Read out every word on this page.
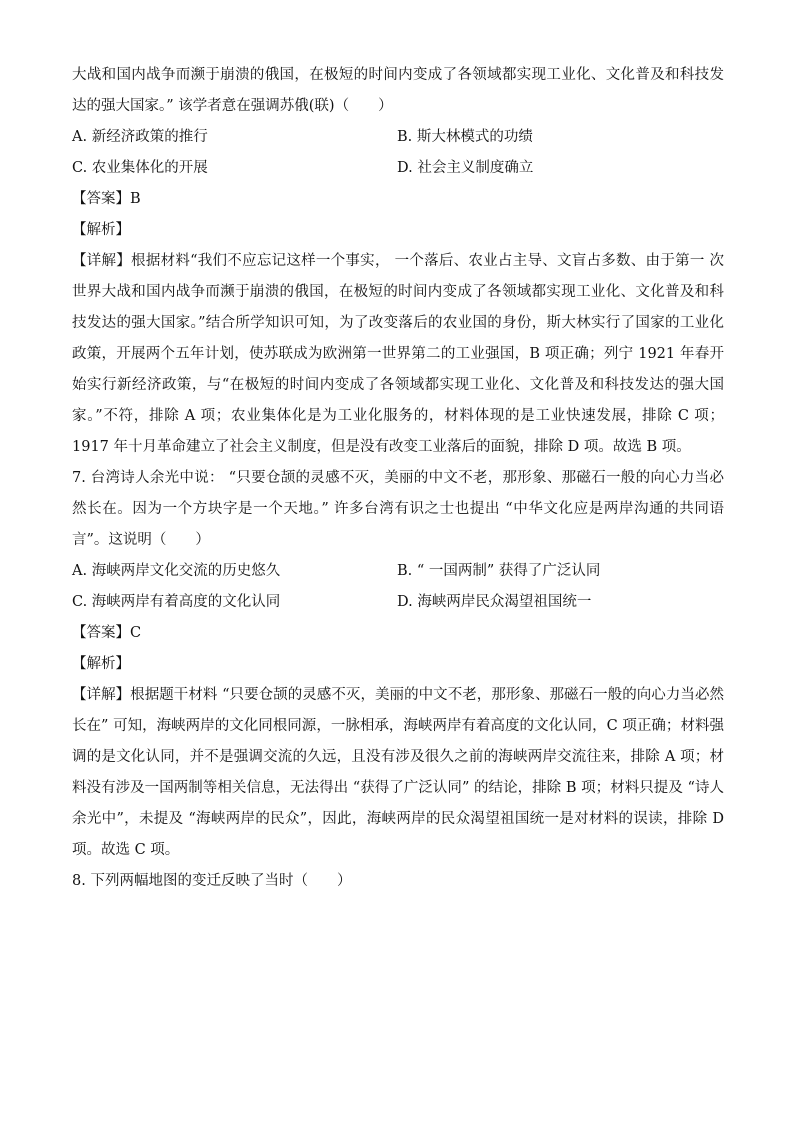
大战和国内战争而濒于崩溃的俄国，在极短的时间内变成了各领域都实现工业化、文化普及和科技发达的强大国家。” 该学者意在强调苏俄(联)（　　）

A. 新经济政策的推行	B. 斯大林模式的功绩
C. 农业集体化的开展	D. 社会主义制度确立

【答案】B

【解析】

【详解】根据材料“我们不应忘记这样一个事实， 一个落后、农业占主导、文盲占多数、由于第一 次世界大战和国内战争而濒于崩溃的俄国，在极短的时间内变成了各领域都实现工业化、文化普及和科技发达的强大国家。”结合所学知识可知，为了改变落后的农业国的身份，斯大林实行了国家的工业化政策，开展两个五年计划，使苏联成为欧洲第一世界第二的工业强国，B 项正确；列宁 1921 年春开始实行新经济政策，与“在极短的时间内变成了各领域都实现工业化、文化普及和科技发达的强大国家。”不符，排除 A 项；农业集体化是为工业化服务的，材料体现的是工业快速发展，排除 C 项；1917 年十月革命建立了社会主义制度，但是没有改变工业落后的面貌，排除 D 项。故选 B 项。

7. 台湾诗人余光中说： “只要仓颉的灵感不灭，美丽的中文不老，那形象、那磁石一般的向心力当必然长在。因为一个方块字是一个天地。” 许多台湾有识之士也提出 “中华文化应是两岸沟通的共同语言”。这说明（　　）

A. 海峡两岸文化交流的历史悠久	B. “ 一国两制” 获得了广泛认同
C. 海峡两岸有着高度的文化认同	D. 海峡两岸民众渴望祖国统一

【答案】C

【解析】

【详解】根据题干材料 “只要仓颉的灵感不灭，美丽的中文不老，那形象、那磁石一般的向心力当必然长在” 可知，海峡两岸的文化同根同源，一脉相承，海峡两岸有着高度的文化认同，C 项正确；材料强调的是文化认同，并不是强调交流的久远，且没有涉及很久之前的海峡两岸交流往来，排除 A 项；材料没有涉及一国两制等相关信息，无法得出 “获得了广泛认同” 的结论，排除 B 项；材料只提及 “诗人余光中”，未提及 “海峡两岸的民众”，因此，海峡两岸的民众渴望祖国统一是对材料的误读，排除 D 项。故选 C 项。

8. 下列两幅地图的变迁反映了当时（　　）
